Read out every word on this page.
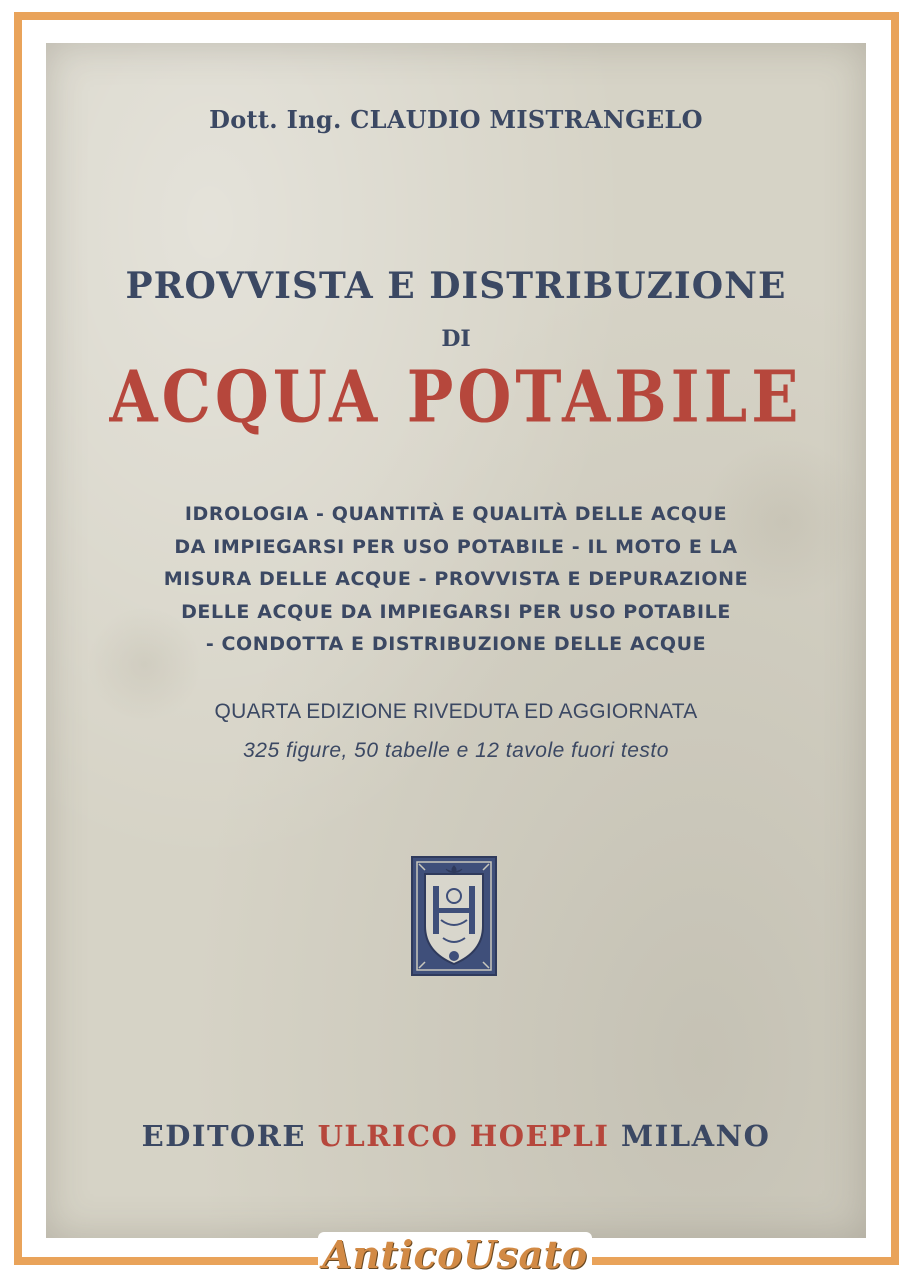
Dott. Ing. CLAUDIO MISTRANGELO
PROVVISTA E DISTRIBUZIONE
DI
ACQUA POTABILE
IDROLOGIA - QUANTITÀ E QUALITÀ DELLE ACQUE
DA IMPIEGARSI PER USO POTABILE - IL MOTO E LA
MISURA DELLE ACQUE - PROVVISTA E DEPURAZIONE
DELLE ACQUE DA IMPIEGARSI PER USO POTABILE
- CONDOTTA E DISTRIBUZIONE DELLE ACQUE
QUARTA EDIZIONE RIVEDUTA ED AGGIORNATA
325 figure, 50 tabelle e 12 tavole fuori testo
EDITORE ULRICO HOEPLI MILANO
AnticoUsato
